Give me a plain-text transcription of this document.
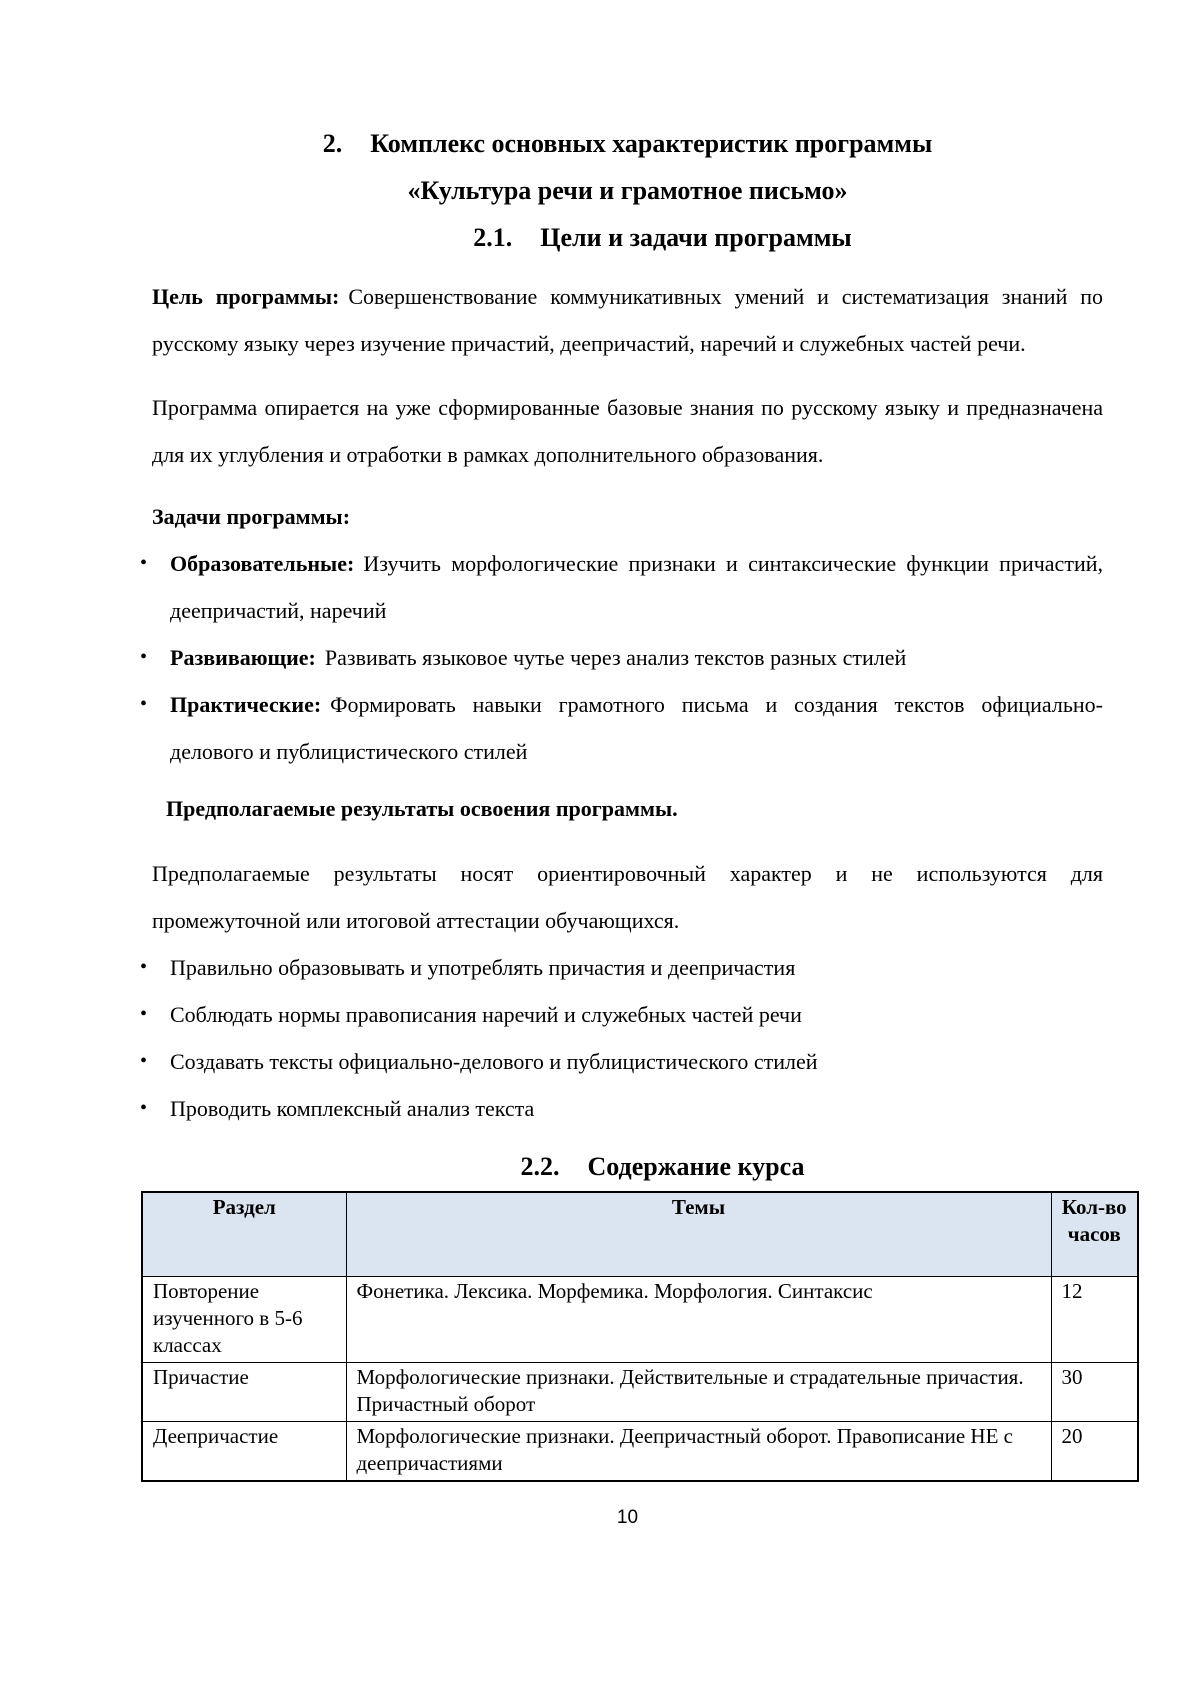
2. Комплекс основных характеристик программы
«Культура речи и грамотное письмо»
2.1. Цели и задачи программы

Цель программы: Совершенствование коммуникативных умений и систематизация знаний по русскому языку через изучение причастий, деепричастий, наречий и служебных частей речи.

Программа опирается на уже сформированные базовые знания по русскому языку и предназначена для их углубления и отработки в рамках дополнительного образования.

Задачи программы:
• Образовательные: Изучить морфологические признаки и синтаксические функции причастий, деепричастий, наречий
• Развивающие: Развивать языковое чутье через анализ текстов разных стилей
• Практические: Формировать навыки грамотного письма и создания текстов официально-делового и публицистического стилей
Предполагаемые результаты освоения программы.

Предполагаемые результаты носят ориентировочный характер и не используются для промежуточной или итоговой аттестации обучающихся.

• Правильно образовывать и употреблять причастия и деепричастия
• Соблюдать нормы правописания наречий и служебных частей речи
• Создавать тексты официально-делового и публицистического стилей
• Проводить комплексный анализ текста
2.2. Содержание курса
Раздел	Темы	Кол-во часов
Повторение изученного в 5-6 классах	Фонетика. Лексика. Морфемика. Морфология. Синтаксис	12
Причастие	Морфологические признаки. Действительные и страдательные причастия. Причастный оборот	30
Деепричастие	Морфологические признаки. Деепричастный оборот. Правописание НЕ с деепричастиями	20
10
